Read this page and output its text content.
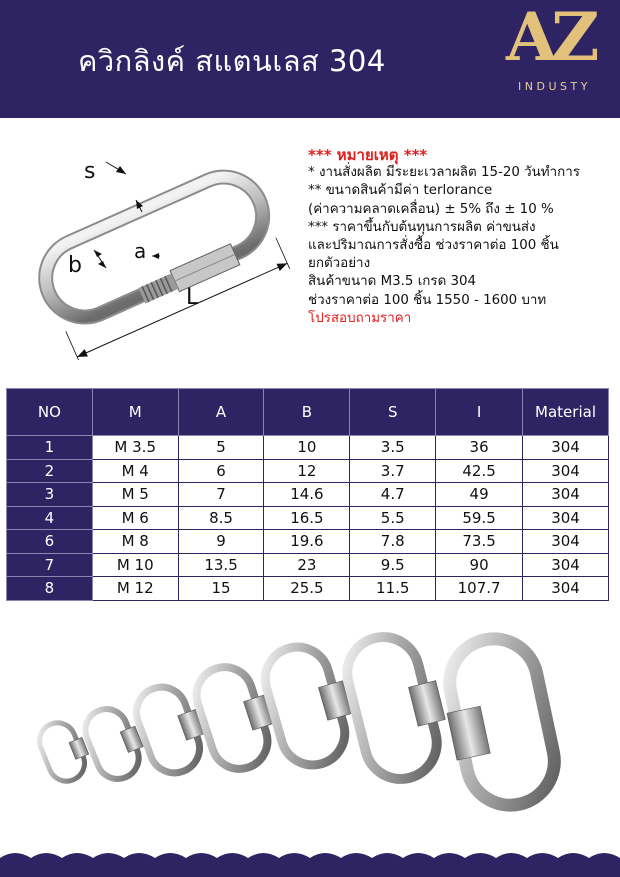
ควิกลิงค์ สแตนเลส 304 AZ
INDUSTY
s
b
a
L
*** หมายเหตุ ***
* งานสั่งผลิต มีระยะเวลาผลิต 15-20 วันทำการ
** ขนาดสินค้ามีค่า terlorance
(ค่าความคลาดเคลื่อน) ± 5% ถึง ± 10 %
*** ราคาขึ้นกับต้นทุนการผลิต ค่าขนส่ง
และปริมาณการสั่งซื้อ ช่วงราคาต่อ 100 ชิ้น
ยกตัวอย่าง
สินค้าขนาด M3.5 เกรด 304
ช่วงราคาต่อ 100 ชิ้น 1550 - 1600 บาท
โปรสอบถามราคา
NO	M	A	B	S	I	Material
1	M 3.5	5	10	3.5	36	304
2	M 4	6	12	3.7	42.5	304
3	M 5	7	14.6	4.7	49	304
4	M 6	8.5	16.5	5.5	59.5	304
6	M 8	9	19.6	7.8	73.5	304
7	M 10	13.5	23	9.5	90	304
8	M 12	15	25.5	11.5	107.7	304
